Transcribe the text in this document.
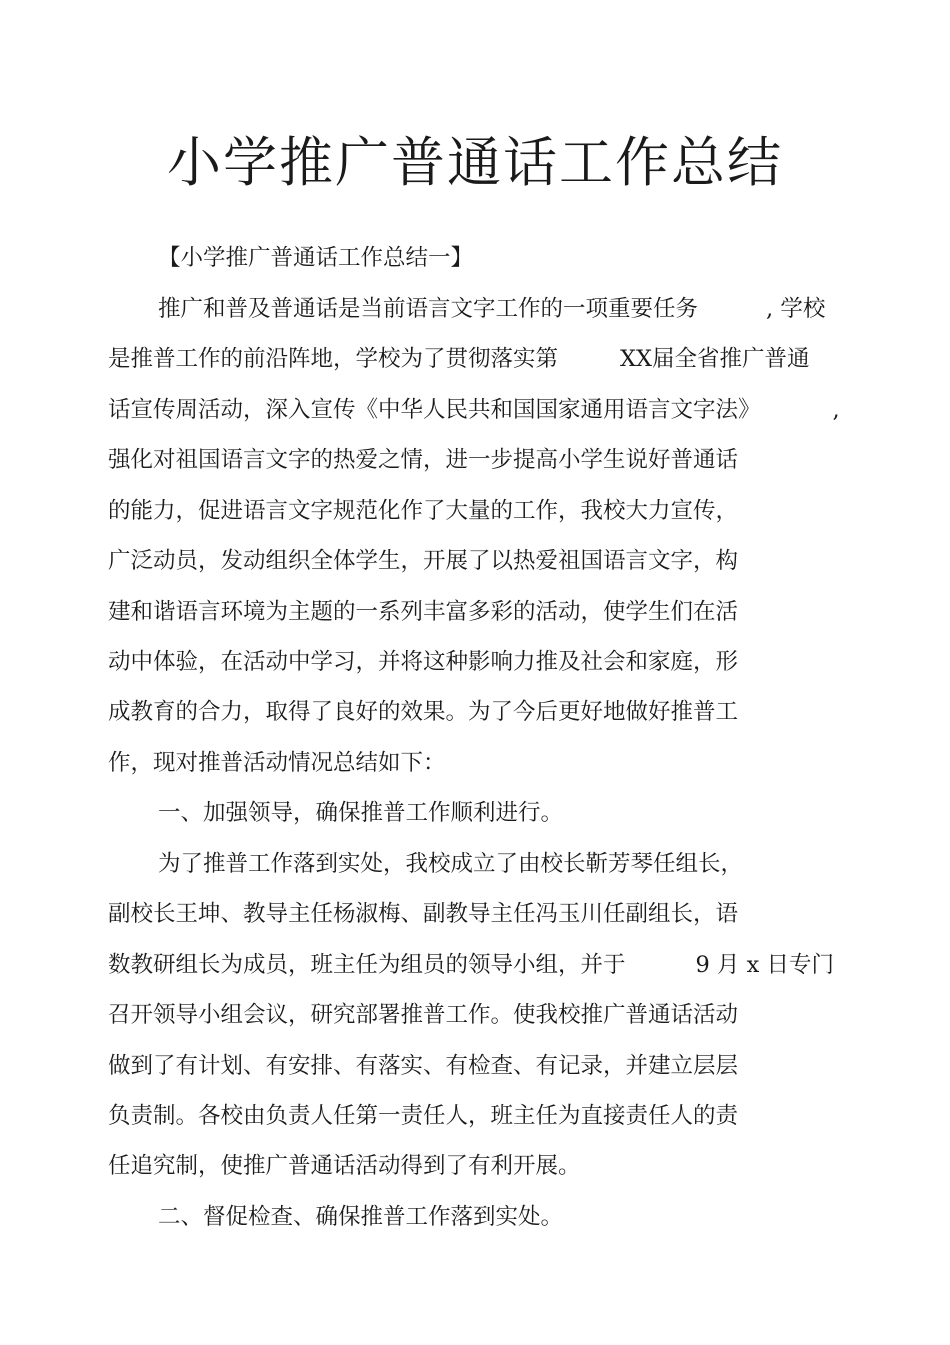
小学推广普通话工作总结
【小学推广普通话工作总结一】
推广和普及普通话是当前语言文字工作的一项重要任务	, 学校
是推普工作的前沿阵地，学校为了贯彻落实第	XX届全省推广普通
话宣传周活动，深入宣传《中华人民共和国国家通用语言文字法》	,
强化对祖国语言文字的热爱之情，进一步提高小学生说好普通话
的能力，促进语言文字规范化作了大量的工作，我校大力宣传，
广泛动员，发动组织全体学生，开展了以热爱祖国语言文字，构
建和谐语言环境为主题的一系列丰富多彩的活动，使学生们在活
动中体验，在活动中学习，并将这种影响力推及社会和家庭，形
成教育的合力，取得了良好的效果。为了今后更好地做好推普工
作，现对推普活动情况总结如下：
一、加强领导，确保推普工作顺利进行。
为了推普工作落到实处，我校成立了由校长靳芳琴任组长，
副校长王坤、教导主任杨淑梅、副教导主任冯玉川任副组长，语
数教研组长为成员，班主任为组员的领导小组，并于	9 月 x 日专门
召开领导小组会议，研究部署推普工作。使我校推广普通话活动
做到了有计划、有安排、有落实、有检查、有记录，并建立层层
负责制。各校由负责人任第一责任人，班主任为直接责任人的责
任追究制，使推广普通话活动得到了有利开展。
二、督促检查、确保推普工作落到实处。
